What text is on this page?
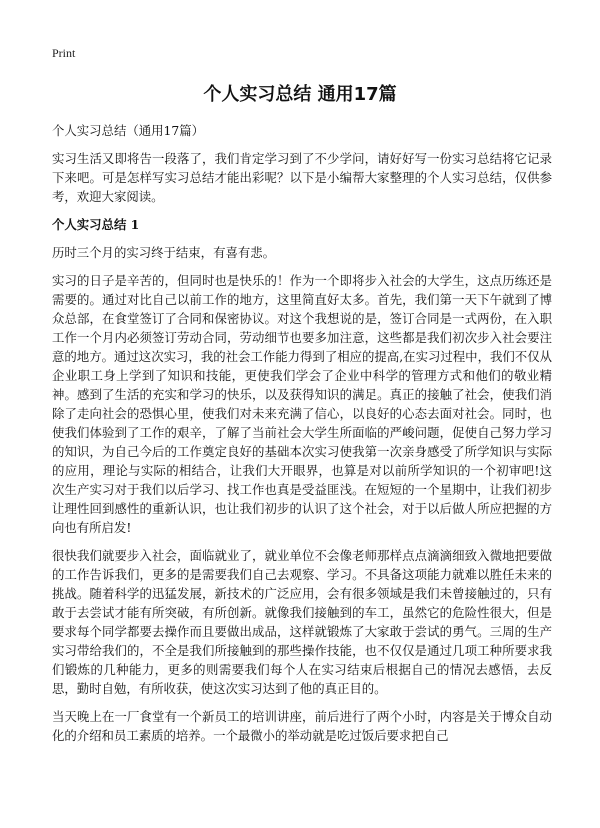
Print
个人实习总结 通用17篇

个人实习总结（通用17篇）

实习生活又即将告一段落了，我们肯定学习到了不少学问，请好好写一份实习总结将它记录下来吧。可是怎样写实习总结才能出彩呢？以下是小编帮大家整理的个人实习总结，仅供参考，欢迎大家阅读。

个人实习总结 1

历时三个月的实习终于结束，有喜有悲。

实习的日子是辛苦的，但同时也是快乐的！作为一个即将步入社会的大学生，这点历练还是需要的。通过对比自己以前工作的地方，这里简直好太多。首先，我们第一天下午就到了博众总部，在食堂签订了合同和保密协议。对这个我想说的是，签订合同是一式两份，在入职工作一个月内必须签订劳动合同，劳动细节也要多加注意，这些都是我们初次步入社会要注意的地方。通过这次实习，我的社会工作能力得到了相应的提高,在实习过程中，我们不仅从企业职工身上学到了知识和技能，更使我们学会了企业中科学的管理方式和他们的敬业精神。感到了生活的充实和学习的快乐，以及获得知识的满足。真正的接触了社会，使我们消除了走向社会的恐惧心里，使我们对未来充满了信心，以良好的心态去面对社会。同时，也使我们体验到了工作的艰辛，了解了当前社会大学生所面临的严峻问题，促使自己努力学习的知识，为自己今后的工作奠定良好的基础本次实习使我第一次亲身感受了所学知识与实际的应用，理论与实际的相结合，让我们大开眼界，也算是对以前所学知识的一个初审吧!这次生产实习对于我们以后学习、找工作也真是受益匪浅。在短短的一个星期中，让我们初步让理性回到感性的重新认识，也让我们初步的认识了这个社会，对于以后做人所应把握的方向也有所启发!

很快我们就要步入社会，面临就业了，就业单位不会像老师那样点点滴滴细致入微地把要做的工作告诉我们，更多的是需要我们自己去观察、学习。不具备这项能力就难以胜任未来的挑战。随着科学的迅猛发展，新技术的广泛应用，会有很多领域是我们未曾接触过的，只有敢于去尝试才能有所突破，有所创新。就像我们接触到的车工，虽然它的危险性很大，但是要求每个同学都要去操作而且要做出成品，这样就锻炼了大家敢于尝试的勇气。三周的生产实习带给我们的，不全是我们所接触到的那些操作技能，也不仅仅是通过几项工种所要求我们锻炼的几种能力，更多的则需要我们每个人在实习结束后根据自己的情况去感悟，去反思，勤时自勉，有所收获，使这次实习达到了他的真正目的。

当天晚上在一厂食堂有一个新员工的培训讲座，前后进行了两个小时，内容是关于博众自动化的介绍和员工素质的培养。一个最微小的举动就是吃过饭后要求把自己
